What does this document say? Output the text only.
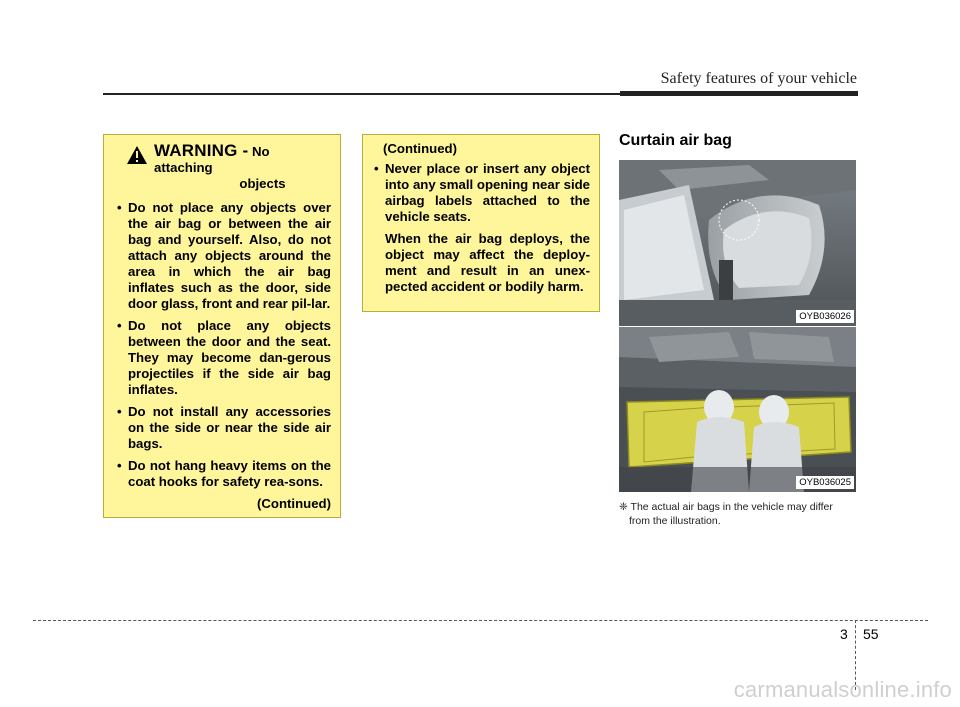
Safety features of your vehicle
WARNING - No attaching
objects
• Do not place any objects over the air bag or between the air bag and yourself. Also, do not attach any objects around the area in which the air bag inflates such as the door, side door glass, front and rear pil-lar.
• Do not place any objects between the door and the seat. They may become dan-gerous projectiles if the side air bag inflates.
• Do not install any accessories on the side or near the side air bags.
• Do not hang heavy items on the coat hooks for safety rea-sons.
(Continued)
(Continued)
• Never place or insert any object into any small opening near side airbag labels attached to the vehicle seats.
When the air bag deploys, the object may affect the deploy-ment and result in an unex-pected accident or bodily harm.
Curtain air bag
OYB036026
OYB036025
❈ The actual air bags in the vehicle may differ
from the illustration.
3 55
carmanualsonline.info
